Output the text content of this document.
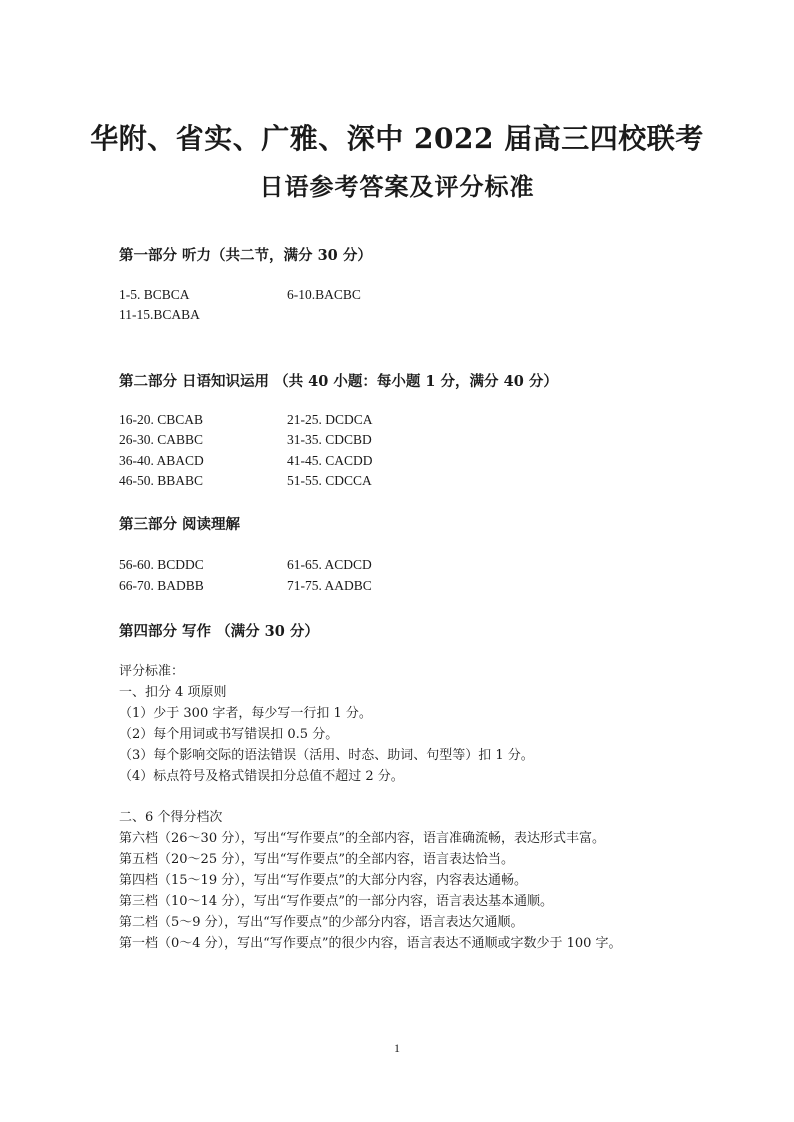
华附、省实、广雅、深中 2022 届高三四校联考
日语参考答案及评分标准
第一部分 听力（共二节，满分 30 分）
1-5. BCBCA	6-10.BACBC
11-15.BCABA
第二部分 日语知识运用 （共 40 小题：每小题 1 分，满分 40 分）
16-20. CBCAB	21-25. DCDCA
26-30. CABBC	31-35. CDCBD
36-40. ABACD	41-45. CACDD
46-50. BBABC	51-55. CDCCA
第三部分 阅读理解
56-60. BCDDC	61-65. ACDCD
66-70. BADBB	71-75. AADBC
第四部分 写作 （满分 30 分）
评分标准：
一、扣分 4 项原则
（1）少于 300 字者，每少写一行扣 1 分。
（2）每个用词或书写错误扣 0.5 分。
（3）每个影响交际的语法错误（活用、时态、助词、句型等）扣 1 分。
（4）标点符号及格式错误扣分总值不超过 2 分。
二、6 个得分档次
第六档（26～30 分），写出“写作要点”的全部内容，语言准确流畅，表达形式丰富。
第五档（20～25 分），写出“写作要点”的全部内容，语言表达恰当。
第四档（15～19 分），写出“写作要点”的大部分内容，内容表达通畅。
第三档（10～14 分），写出“写作要点”的一部分内容，语言表达基本通顺。
第二档（5～9 分），写出“写作要点”的少部分内容，语言表达欠通顺。
第一档（0～4 分），写出“写作要点”的很少内容，语言表达不通顺或字数少于 100 字。
1
